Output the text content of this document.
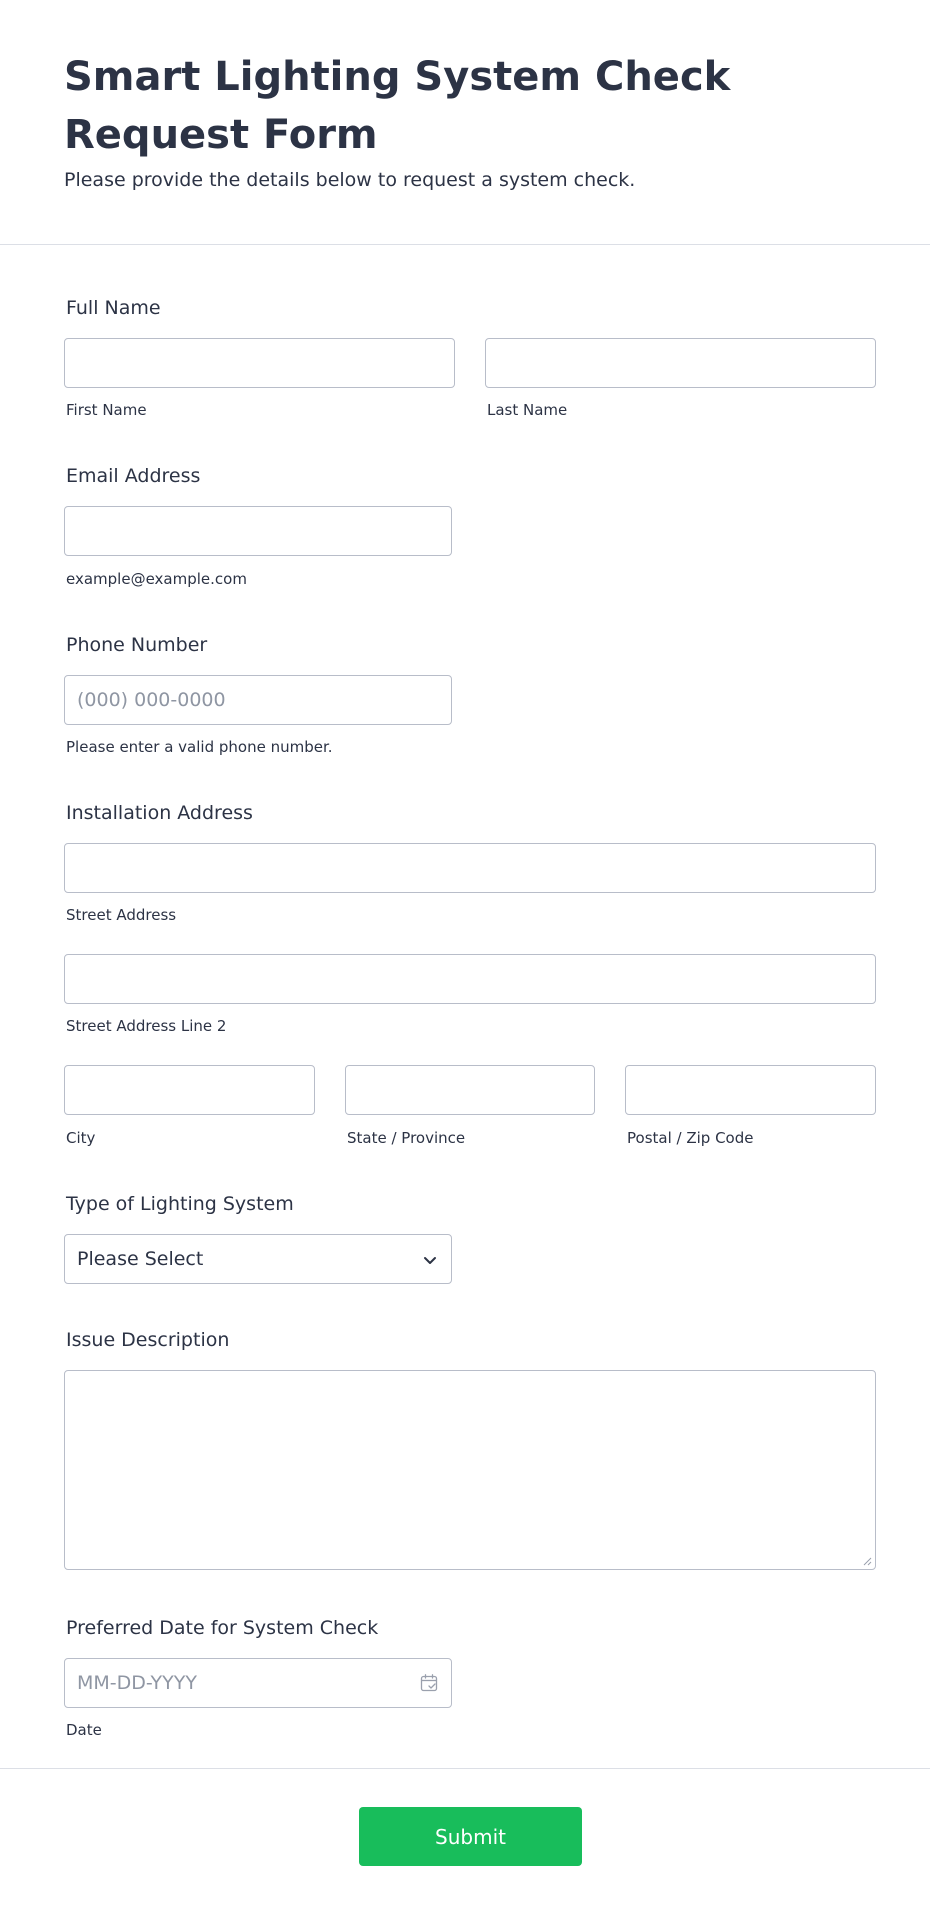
Smart Lighting System Check Request Form

Please provide the details below to request a system check.

Full Name
First Name	Last Name
Email Address
example@example.com
Phone Number
(000) 000-0000
Please enter a valid phone number.
Installation Address
Street Address
Street Address Line 2
City	State / Province	Postal / Zip Code
Type of Lighting System
Please Select
Issue Description
Preferred Date for System Check
MM-DD-YYYY
Date
Submit
